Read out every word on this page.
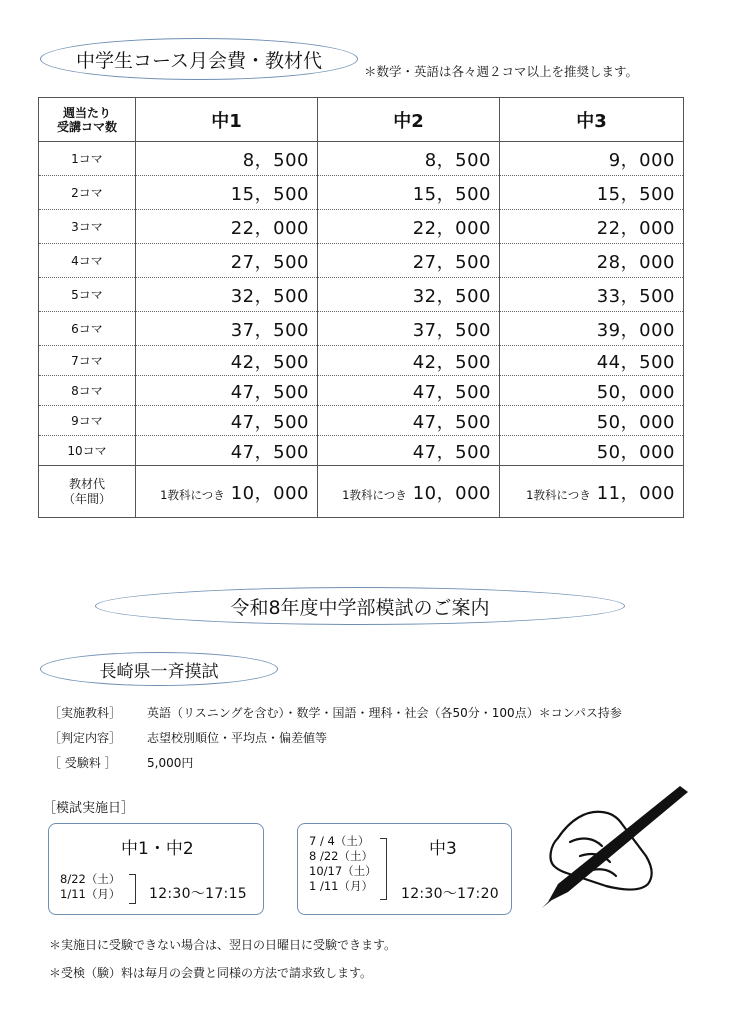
中学生コース月会費・教材代	＊数学・英語は各々週２コマ以上を推奨します。
週当たり
受講コマ数	中1	中2	中3
1コマ	8，500	8，500	9，000
2コマ	15，500	15，500	15，500
3コマ	22，000	22，000	22，000
4コマ	27，500	27，500	28，000
5コマ	32，500	32，500	33，500
6コマ	37，500	37，500	39，000
7コマ	42，500	42，500	44，500
8コマ	47，500	47，500	50，000
9コマ	47，500	47，500	50，000
10コマ	47，500	47，500	50，000

教材代
（年間）	1教科につき 10，000	1教科につき 10，000	1教科につき 11，000
令和8年度中学部模試のご案内
長崎県一斉摸試
［実施教科］	英語（リスニングを含む）・数学・国語・理科・社会（各50分・100点）＊コンパス持参
［判定内容］	志望校別順位・平均点・偏差値等
［ 受験料 ］	5,000円
［模試実施日］
中1・中2
8/22（土）
1/11（月） 12:30～17:15
中3
7 / 4（土）
8 /22（土）
10/17（土）
1 /11（月） 12:30～17:20
＊実施日に受験できない場合は、翌日の日曜日に受験できます。
＊受検（験）料は毎月の会費と同様の方法で請求致します。
